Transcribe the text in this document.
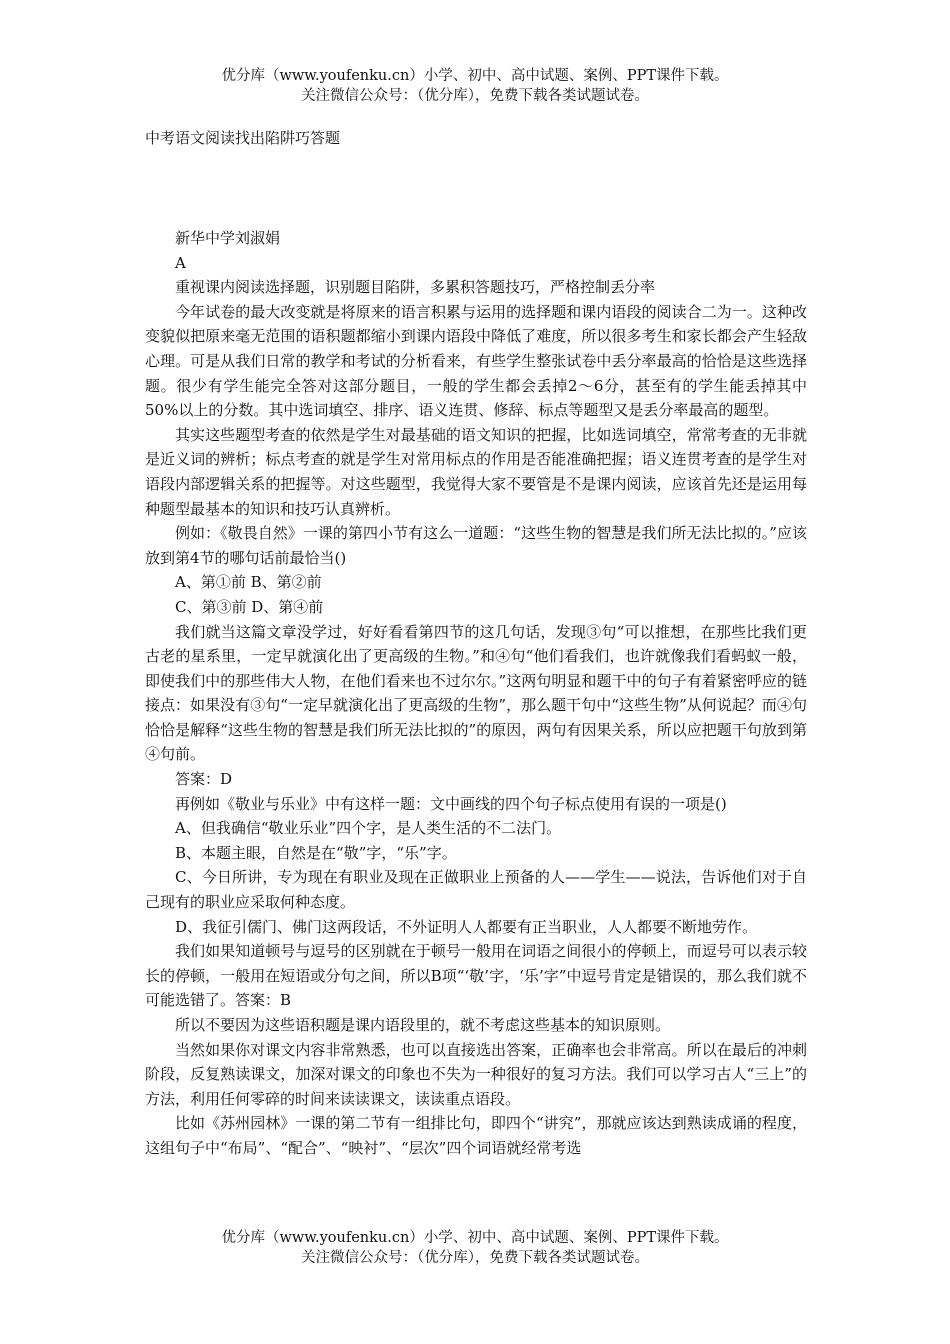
优分库（www.youfenku.cn）小学、初中、高中试题、案例、PPT课件下载。
关注微信公众号：（优分库），免费下载各类试题试卷。
中考语文阅读找出陷阱巧答题

新华中学刘淑娟

A

重视课内阅读选择题，识别题目陷阱，多累积答题技巧，严格控制丢分率

今年试卷的最大改变就是将原来的语言积累与运用的选择题和课内语段的阅读合二为一。这种改变貌似把原来毫无范围的语积题都缩小到课内语段中降低了难度，所以很多考生和家长都会产生轻敌心理。可是从我们日常的教学和考试的分析看来，有些学生整张试卷中丢分率最高的恰恰是这些选择题。很少有学生能完全答对这部分题目，一般的学生都会丢掉2～6分，甚至有的学生能丢掉其中50%以上的分数。其中选词填空、排序、语义连贯、修辞、标点等题型又是丢分率最高的题型。

其实这些题型考查的依然是学生对最基础的语文知识的把握，比如选词填空，常常考查的无非就是近义词的辨析；标点考查的就是学生对常用标点的作用是否能准确把握；语义连贯考查的是学生对语段内部逻辑关系的把握等。对这些题型，我觉得大家不要管是不是课内阅读，应该首先还是运用每种题型最基本的知识和技巧认真辨析。

例如：《敬畏自然》一课的第四小节有这么一道题：“这些生物的智慧是我们所无法比拟的。”应该放到第4节的哪句话前最恰当()

A、第①前 B、第②前

C、第③前 D、第④前

我们就当这篇文章没学过，好好看看第四节的这几句话，发现③句“可以推想，在那些比我们更古老的星系里，一定早就演化出了更高级的生物。”和④句“他们看我们，也许就像我们看蚂蚁一般，即使我们中的那些伟大人物，在他们看来也不过尔尔。”这两句明显和题干中的句子有着紧密呼应的链接点：如果没有③句“一定早就演化出了更高级的生物”，那么题干句中“这些生物”从何说起？而④句恰恰是解释“这些生物的智慧是我们所无法比拟的”的原因，两句有因果关系，所以应把题干句放到第④句前。

答案：D

再例如《敬业与乐业》中有这样一题：文中画线的四个句子标点使用有误的一项是()

A、但我确信“敬业乐业”四个字，是人类生活的不二法门。

B、本题主眼，自然是在“敬”字，“乐”字。

C、今日所讲，专为现在有职业及现在正做职业上预备的人——学生——说法，告诉他们对于自己现有的职业应采取何种态度。

D、我征引儒门、佛门这两段话，不外证明人人都要有正当职业，人人都要不断地劳作。

我们如果知道顿号与逗号的区别就在于顿号一般用在词语之间很小的停顿上，而逗号可以表示较长的停顿，一般用在短语或分句之间，所以B项“‘敬’字，‘乐’字”中逗号肯定是错误的，那么我们就不可能选错了。答案：B

所以不要因为这些语积题是课内语段里的，就不考虑这些基本的知识原则。

当然如果你对课文内容非常熟悉，也可以直接选出答案，正确率也会非常高。所以在最后的冲刺阶段，反复熟读课文，加深对课文的印象也不失为一种很好的复习方法。我们可以学习古人“三上”的方法，利用任何零碎的时间来读读课文，读读重点语段。

比如《苏州园林》一课的第二节有一组排比句，即四个“讲究”，那就应该达到熟读成诵的程度，这组句子中“布局”、“配合”、“映衬”、“层次”四个词语就经常考选

优分库（www.youfenku.cn）小学、初中、高中试题、案例、PPT课件下载。
关注微信公众号：（优分库），免费下载各类试题试卷。
